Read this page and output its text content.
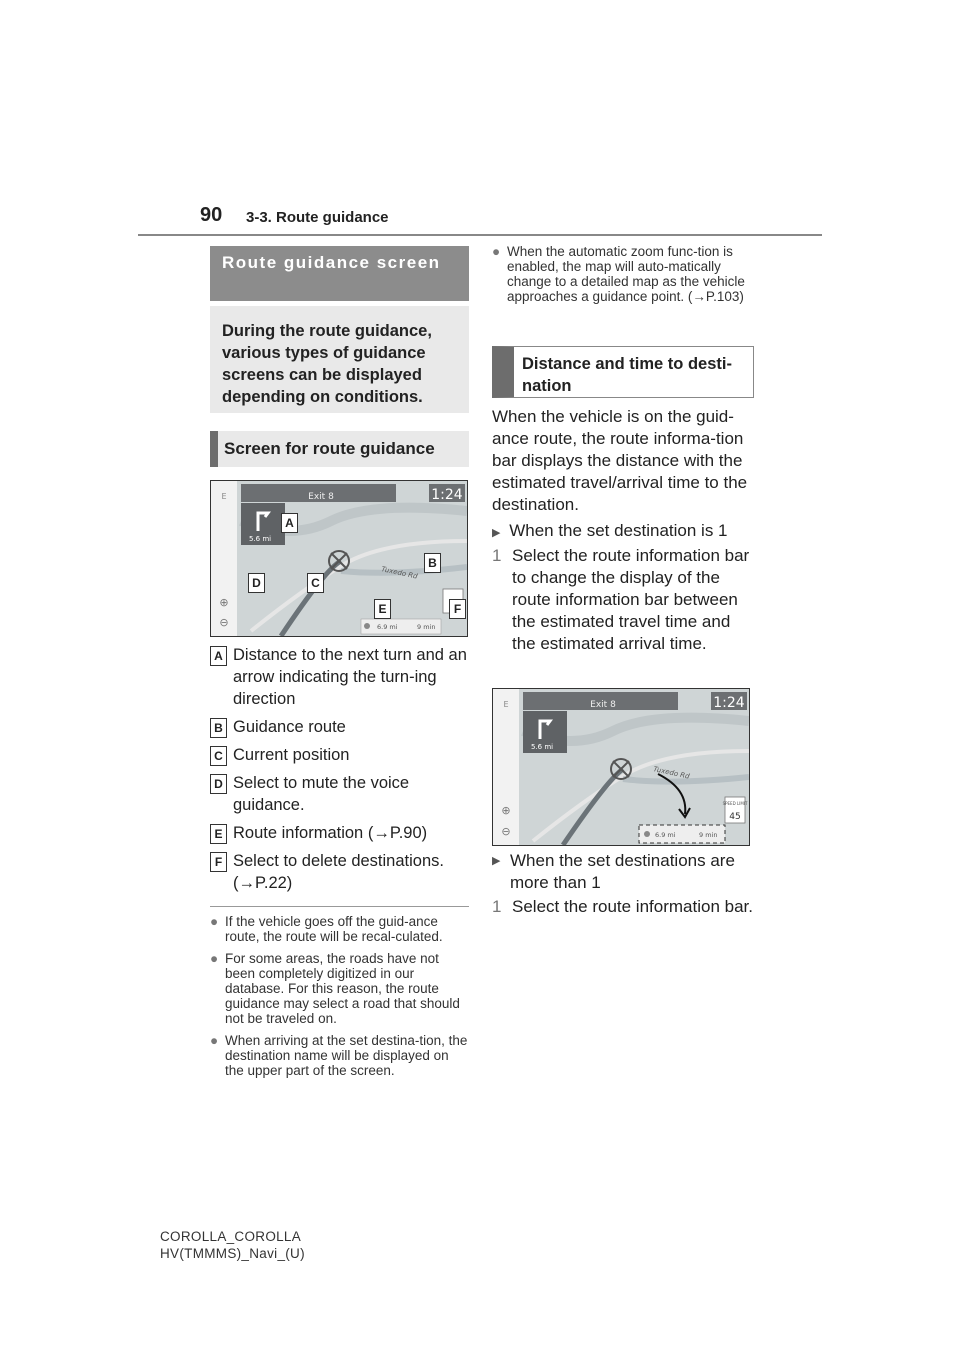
90 3-3. Route guidance
Route guidance screen
During the route guidance, various types of guidance screens can be displayed depending on conditions.
Screen for route guidance
E
⊕
⊖
Exit 8	1:24
5.6 mi
Tuxedo Rd
6.9 mi	9 min
A
B
C
D
E	F
A Distance to the next turn and an arrow indicating the turn-ing direction
B Guidance route
C Current position
D Select to mute the voice guidance.
E Route information (→P.90)
F Select to delete destinations. (→P.22)
● If the vehicle goes off the guid-ance route, the route will be recal-culated.
● For some areas, the roads have not been completely digitized in our database. For this reason, the route guidance may select a road that should not be traveled on.
● When arriving at the set destina-tion, the destination name will be displayed on the upper part of the screen.
● When the automatic zoom func-tion is enabled, the map will auto-matically change to a detailed map as the vehicle approaches a guidance point. (→P.103)
Distance and time to desti-nation
When the vehicle is on the guid-ance route, the route informa-tion bar displays the distance with the estimated travel/arrival time to the destination.
▶ When the set destination is 1
1 Select the route information bar to change the display of the route information bar between the estimated travel time and the estimated arrival time.
E
⊕
⊖
Exit 8	1:24
5.6 mi
Tuxedo Rd
6.9 mi	9 min
SPEED LIMIT
45
▶ When the set destinations are more than 1
1 Select the route information bar.
COROLLA_COROLLA
HV(TMMMS)_Navi_(U)
